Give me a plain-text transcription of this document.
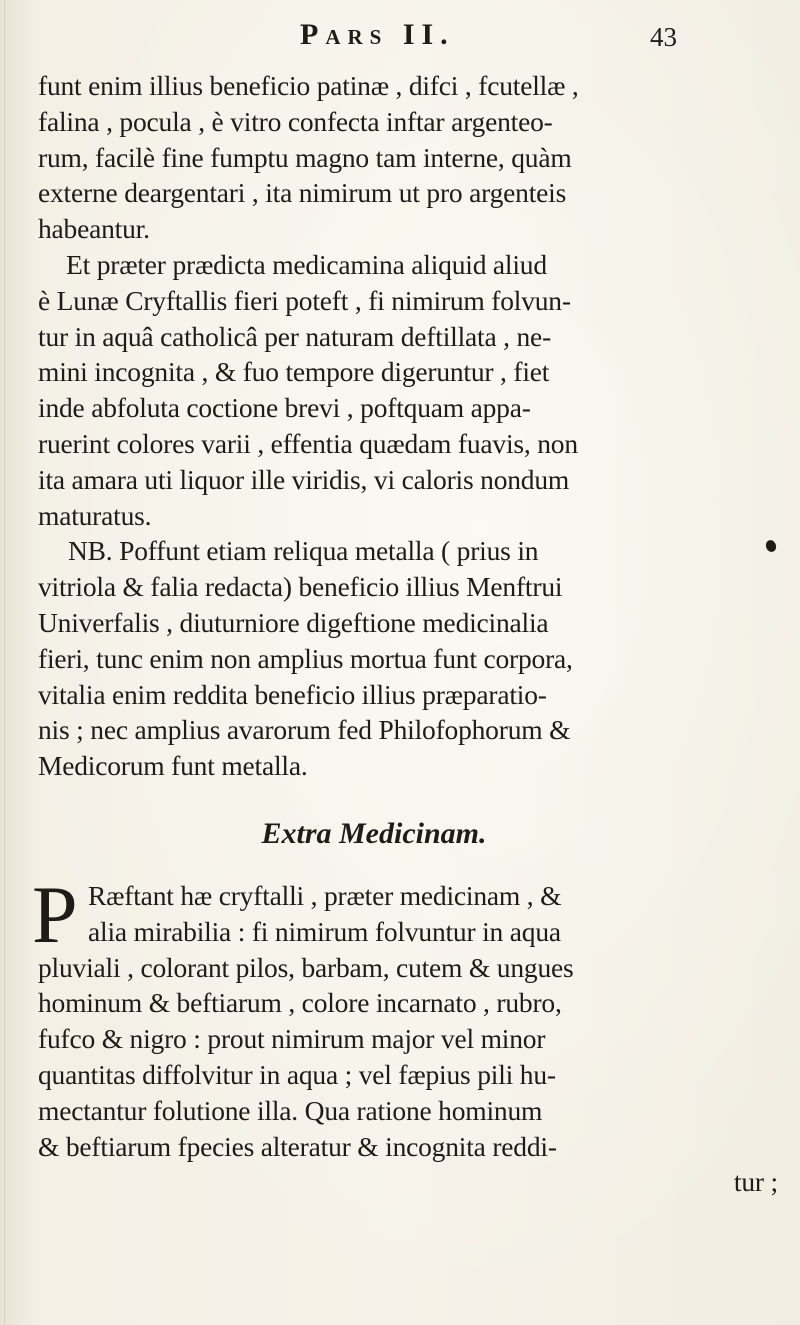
Pars II.	43
funt enim illius beneficio patinæ , difci , fcutellæ ,
falina , pocula , è vitro confecta inftar argenteo-
rum, facilè fine fumptu magno tam interne, quàm
externe deargentari , ita nimirum ut pro argenteis
habeantur.
Et præter prædicta medicamina aliquid aliud
è Lunæ Cryftallis fieri poteft , fi nimirum folvun-
tur in aquâ catholicâ per naturam deftillata , ne-
mini incognita , & fuo tempore digeruntur , fiet
inde abfoluta coctione brevi , poftquam appa-
ruerint colores varii , effentia quædam fuavis, non
ita amara uti liquor ille viridis, vi caloris nondum
maturatus.
NB. Poffunt etiam reliqua metalla ( prius in
vitriola & falia redacta) beneficio illius Menftrui
Univerfalis , diuturniore digeftione medicinalia
fieri, tunc enim non amplius mortua funt corpora,
vitalia enim reddita beneficio illius præparatio-
nis ; nec amplius avarorum fed Philofophorum &
Medicorum funt metalla.
Extra Medicinam.
P Ræftant hæ cryftalli , præter medicinam , &
alia mirabilia : fi nimirum folvuntur in aqua
pluviali , colorant pilos, barbam, cutem & ungues
hominum & beftiarum , colore incarnato , rubro,
fufco & nigro : prout nimirum major vel minor
quantitas diffolvitur in aqua ; vel fæpius pili hu-
mectantur folutione illa. Qua ratione hominum
& beftiarum fpecies alteratur & incognita reddi-
tur ;
